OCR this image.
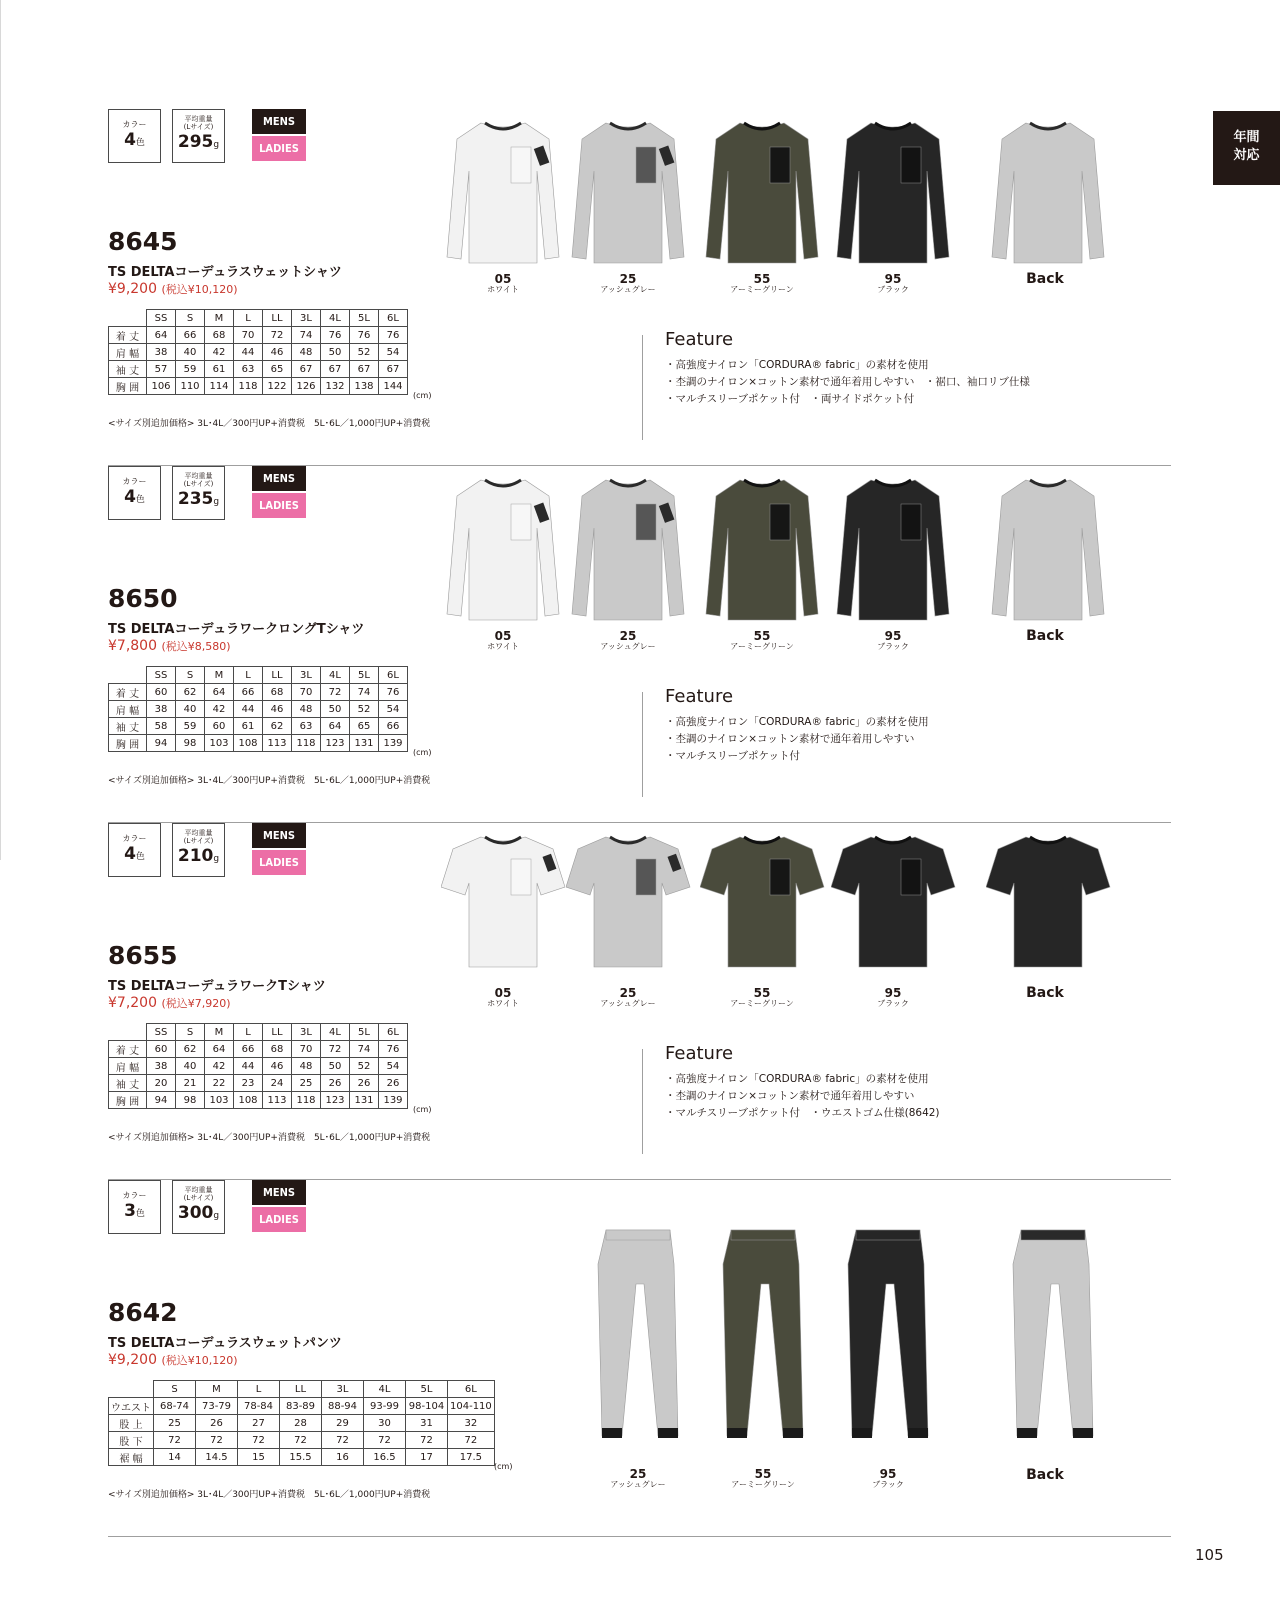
年間
対応
カラー
4色
平均重量
(Lサイズ)
295g
MENS
LADIES
8645
TS DELTAコーデュラスウェットシャツ
¥9,200 (税込¥10,120)
	SS	S	M	L	LL	3L	4L	5L	6L
着 丈	64	66	68	70	72	74	76	76	76
肩 幅	38	40	42	44	46	48	50	52	54
袖 丈	57	59	61	63	65	67	67	67	67
胸 囲	106	110	114	118	122	126	132	138	144
(cm)
<サイズ別追加価格> 3L･4L／300円UP+消費税　5L･6L／1,000円UP+消費税
Feature
・高強度ナイロン「CORDURA® fabric」の素材を使用
・杢調のナイロン×コットン素材で通年着用しやすい　・裾口、袖口リブ仕様
・マルチスリーブポケット付　・両サイドポケット付
05
ホワイト
25
アッシュグレー
55
アーミーグリーン
95
ブラック
Back
カラー
4色
平均重量
(Lサイズ)
235g
MENS
LADIES
8650
TS DELTAコーデュラワークロングTシャツ
¥7,800 (税込¥8,580)
	SS	S	M	L	LL	3L	4L	5L	6L
着 丈	60	62	64	66	68	70	72	74	76
肩 幅	38	40	42	44	46	48	50	52	54
袖 丈	58	59	60	61	62	63	64	65	66
胸 囲	94	98	103	108	113	118	123	131	139
(cm)
<サイズ別追加価格> 3L･4L／300円UP+消費税　5L･6L／1,000円UP+消費税
Feature
・高強度ナイロン「CORDURA® fabric」の素材を使用
・杢調のナイロン×コットン素材で通年着用しやすい
・マルチスリーブポケット付
05
ホワイト
25
アッシュグレー
55
アーミーグリーン
95
ブラック
Back
カラー
4色
平均重量
(Lサイズ)
210g
MENS
LADIES
8655
TS DELTAコーデュラワークTシャツ
¥7,200 (税込¥7,920)
	SS	S	M	L	LL	3L	4L	5L	6L
着 丈	60	62	64	66	68	70	72	74	76
肩 幅	38	40	42	44	46	48	50	52	54
袖 丈	20	21	22	23	24	25	26	26	26
胸 囲	94	98	103	108	113	118	123	131	139
(cm)
<サイズ別追加価格> 3L･4L／300円UP+消費税　5L･6L／1,000円UP+消費税
Feature
・高強度ナイロン「CORDURA® fabric」の素材を使用
・杢調のナイロン×コットン素材で通年着用しやすい
・マルチスリーブポケット付　・ウエストゴム仕様(8642)
05
ホワイト
25
アッシュグレー
55
アーミーグリーン
95
ブラック
Back
カラー
3色
平均重量
(Lサイズ)
300g
MENS
LADIES
8642
TS DELTAコーデュラスウェットパンツ
¥9,200 (税込¥10,120)
	S	M	L	LL	3L	4L	5L	6L
ウエスト	68-74	73-79	78-84	83-89	88-94	93-99	98-104	104-110
股 上	25	26	27	28	29	30	31	32
股 下	72	72	72	72	72	72	72	72
裾 幅	14	14.5	15	15.5	16	16.5	17	17.5
(cm)
<サイズ別追加価格> 3L･4L／300円UP+消費税　5L･6L／1,000円UP+消費税
25
アッシュグレー
55
アーミーグリーン
95
ブラック
Back
105
